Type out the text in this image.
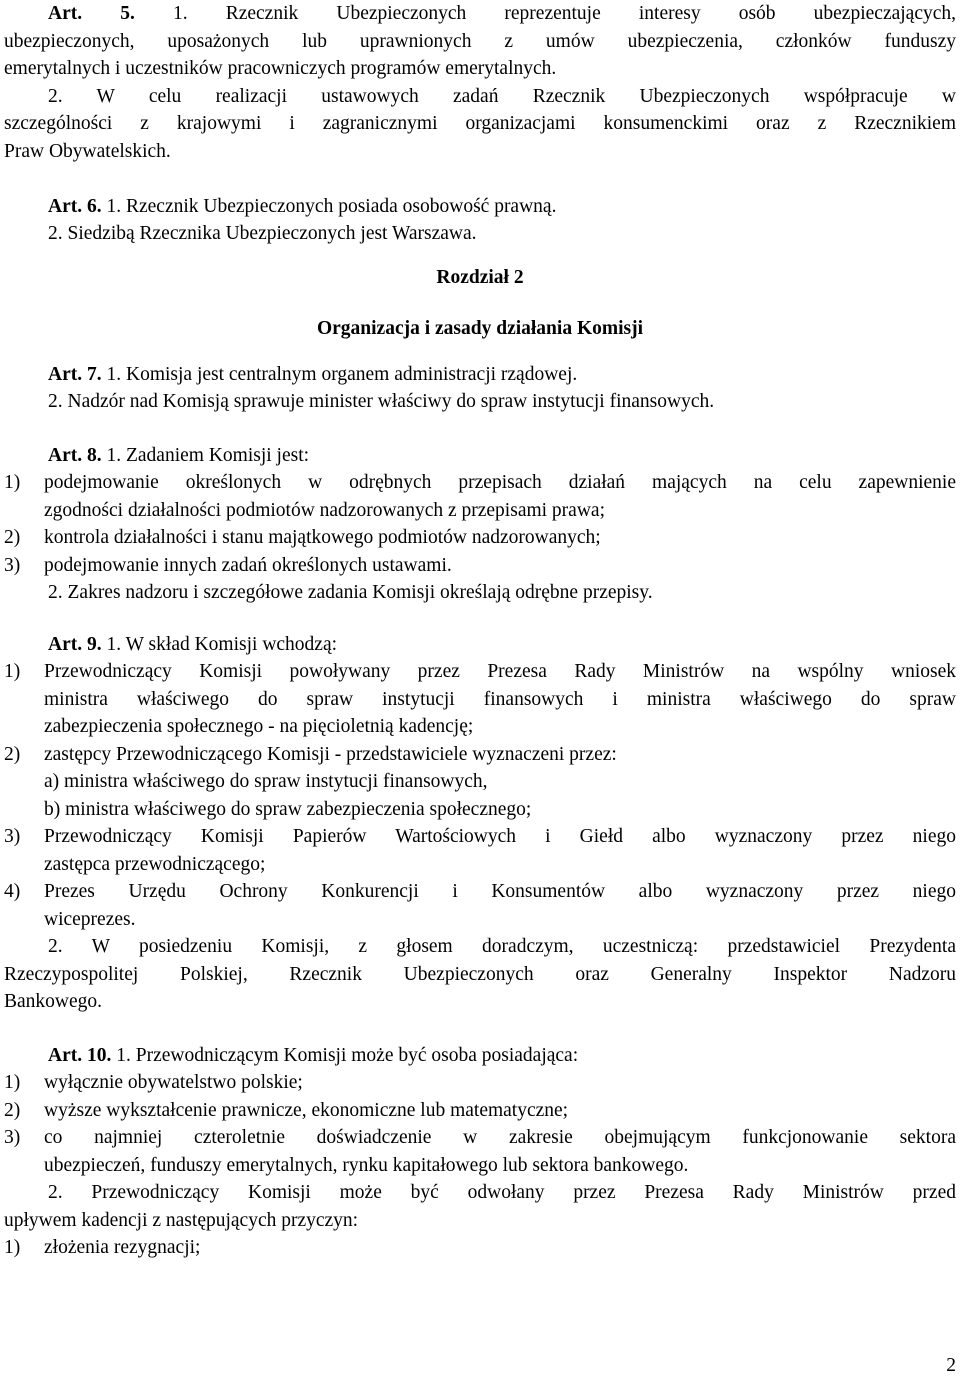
Art. 5. 1. Rzecznik Ubezpieczonych reprezentuje interesy osób ubezpieczających,
ubezpieczonych, uposażonych lub uprawnionych z umów ubezpieczenia, członków funduszy
emerytalnych i uczestników pracowniczych programów emerytalnych.
2. W celu realizacji ustawowych zadań Rzecznik Ubezpieczonych współpracuje w
szczególności z krajowymi i zagranicznymi organizacjami konsumenckimi oraz z Rzecznikiem
Praw Obywatelskich.
Art. 6. 1. Rzecznik Ubezpieczonych posiada osobowość prawną.
2. Siedzibą Rzecznika Ubezpieczonych jest Warszawa.
Rozdział 2
Organizacja i zasady działania Komisji
Art. 7. 1. Komisja jest centralnym organem administracji rządowej.
2. Nadzór nad Komisją sprawuje minister właściwy do spraw instytucji finansowych.
Art. 8. 1. Zadaniem Komisji jest:
1) podejmowanie określonych w odrębnych przepisach działań mających na celu zapewnienie
zgodności działalności podmiotów nadzorowanych z przepisami prawa;
2) kontrola działalności i stanu majątkowego podmiotów nadzorowanych;
3) podejmowanie innych zadań określonych ustawami.
2. Zakres nadzoru i szczegółowe zadania Komisji określają odrębne przepisy.
Art. 9. 1. W skład Komisji wchodzą:
1) Przewodniczący Komisji powoływany przez Prezesa Rady Ministrów na wspólny wniosek
ministra właściwego do spraw instytucji finansowych i ministra właściwego do spraw
zabezpieczenia społecznego - na pięcioletnią kadencję;
2) zastępcy Przewodniczącego Komisji - przedstawiciele wyznaczeni przez:
a) ministra właściwego do spraw instytucji finansowych,
b) ministra właściwego do spraw zabezpieczenia społecznego;
3) Przewodniczący Komisji Papierów Wartościowych i Giełd albo wyznaczony przez niego
zastępca przewodniczącego;
4) Prezes Urzędu Ochrony Konkurencji i Konsumentów albo wyznaczony przez niego
wiceprezes.
2. W posiedzeniu Komisji, z głosem doradczym, uczestniczą: przedstawiciel Prezydenta
Rzeczypospolitej Polskiej, Rzecznik Ubezpieczonych oraz Generalny Inspektor Nadzoru
Bankowego.
Art. 10. 1. Przewodniczącym Komisji może być osoba posiadająca:
1) wyłącznie obywatelstwo polskie;
2) wyższe wykształcenie prawnicze, ekonomiczne lub matematyczne;
3) co najmniej czteroletnie doświadczenie w zakresie obejmującym funkcjonowanie sektora
ubezpieczeń, funduszy emerytalnych, rynku kapitałowego lub sektora bankowego.
2. Przewodniczący Komisji może być odwołany przez Prezesa Rady Ministrów przed
upływem kadencji z następujących przyczyn:
1) złożenia rezygnacji;
2
